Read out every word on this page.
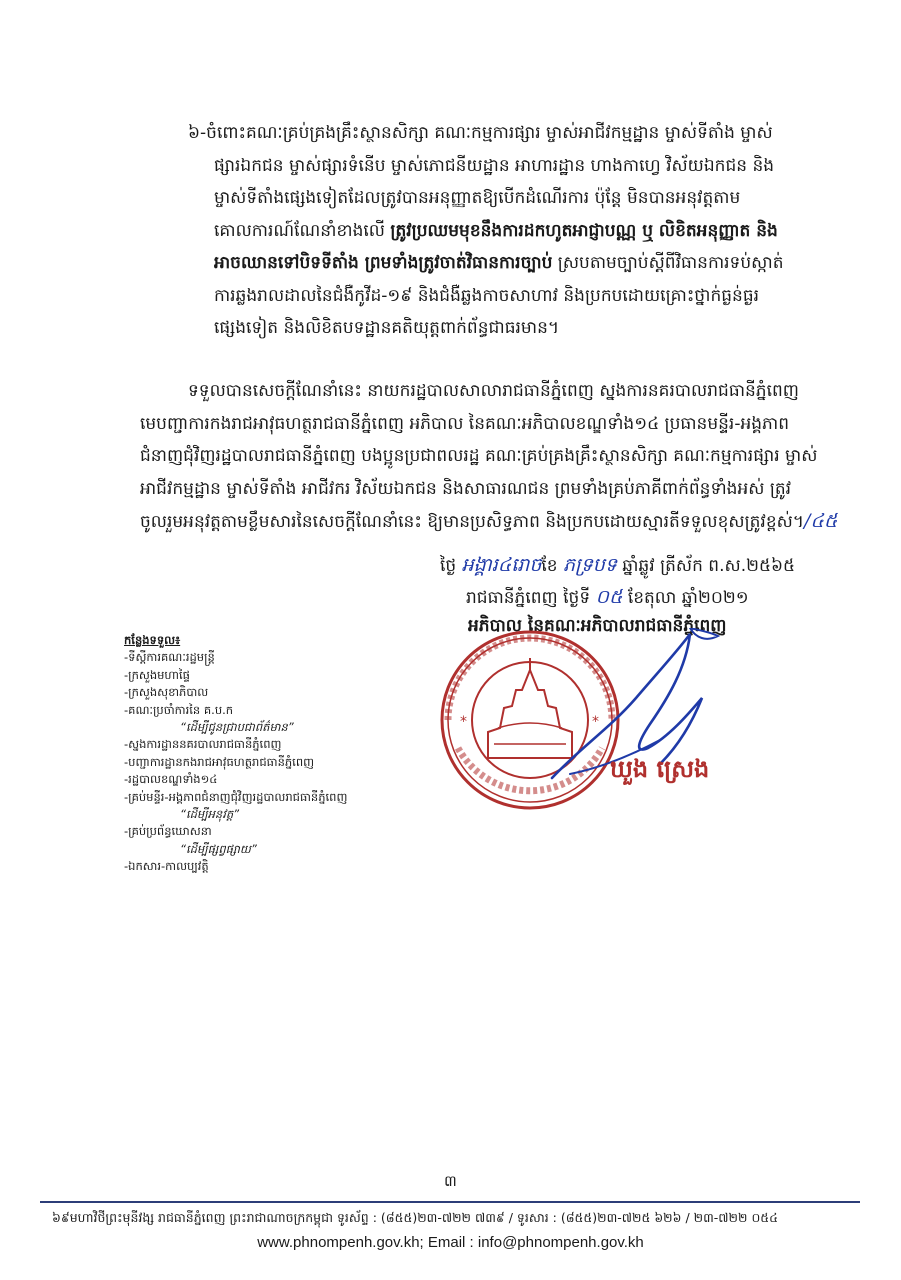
៦-ចំពោះគណៈគ្រប់គ្រងគ្រឹះស្ថានសិក្សា គណៈកម្មការផ្សារ ម្ចាស់អាជីវកម្មដ្ឋាន ម្ចាស់ទីតាំង ម្ចាស់
ផ្សារឯកជន ម្ចាស់ផ្សារទំនើប ម្ចាស់ភោជនីយដ្ឋាន អាហារដ្ឋាន ហាងកាហ្វេ វិស័យឯកជន និង
ម្ចាស់ទីតាំងផ្សេងទៀតដែលត្រូវបានអនុញ្ញាតឱ្យបើកដំណើរការ ប៉ុន្តែ មិនបានអនុវត្តតាម
គោលការណ៍ណែនាំខាងលើ ត្រូវប្រឈមមុខនឹងការដកហូតអាជ្ញាបណ្ណ ឬ លិខិតអនុញ្ញាត និង
អាចឈានទៅបិទទីតាំង ព្រមទាំងត្រូវចាត់វិធានការច្បាប់ ស្របតាមច្បាប់ស្តីពីវិធានការទប់ស្កាត់
ការឆ្លងរាលដាលនៃជំងឺកូវីដ-១៩ និងជំងឺឆ្លងកាចសាហាវ និងប្រកបដោយគ្រោះថ្នាក់ធ្ងន់ធ្ងរ
ផ្សេងទៀត និងលិខិតបទដ្ឋានគតិយុត្តពាក់ព័ន្ធជាធរមាន។
ទទួលបានសេចក្តីណែនាំនេះ នាយករដ្ឋបាលសាលារាជធានីភ្នំពេញ ស្នងការនគរបាលរាជធានីភ្នំពេញ
មេបញ្ជាការកងរាជអាវុធហត្ថរាជធានីភ្នំពេញ អភិបាល នៃគណៈអភិបាលខណ្ឌទាំង១៤ ប្រធានមន្ទីរ-អង្គភាព
ជំនាញជុំវិញរដ្ឋបាលរាជធានីភ្នំពេញ បងប្អូនប្រជាពលរដ្ឋ គណៈគ្រប់គ្រងគ្រឹះស្ថានសិក្សា គណៈកម្មការផ្សារ ម្ចាស់
អាជីវកម្មដ្ឋាន ម្ចាស់ទីតាំង អាជីវករ វិស័យឯកជន និងសាធារណជន ព្រមទាំងគ្រប់ភាគីពាក់ព័ន្ធទាំងអស់ ត្រូវ
ចូលរួមអនុវត្តតាមខ្លឹមសារនៃសេចក្តីណែនាំនេះ ឱ្យមានប្រសិទ្ធភាព និងប្រកបដោយស្មារតីទទួលខុសត្រូវខ្ពស់។/៤៥
ថ្ងៃ អង្គារ៤រោចខែ ភទ្របទ ឆ្នាំឆ្លូវ ត្រីស័ក ព.ស.២៥៦៥
រាជធានីភ្នំពេញ ថ្ងៃទី ០៥ ខែតុលា ឆ្នាំ២០២១
អភិបាល នៃគណៈអភិបាលរាជធានីភ្នំពេញ
*	*
ឃួង ស្រេង
កន្លែងទទួល៖
-ទីស្តីការគណៈរដ្ឋមន្ត្រី
-ក្រសួងមហាផ្ទៃ
-ក្រសួងសុខាភិបាល
-គណៈប្រចាំការនៃ គ.ប.ក
“ដើម្បីជូនជ្រាបជាព័ត៌មាន”
-ស្នងការដ្ឋាននគរបាលរាជធានីភ្នំពេញ
-បញ្ជាការដ្ឋានកងរាជអាវុធហត្ថរាជធានីភ្នំពេញ
-រដ្ឋបាលខណ្ឌទាំង១៤
-គ្រប់មន្ទីរ-អង្គភាពជំនាញជុំវិញរដ្ឋបាលរាជធានីភ្នំពេញ
“ដើម្បីអនុវត្ត”
-គ្រប់ប្រព័ន្ធឃោសនា
“ដើម្បីផ្សព្វផ្សាយ”
-ឯកសារ-កាលប្បវត្តិ
៣
៦៩មហាវិថីព្រះមុនីវង្ស រាជធានីភ្នំពេញ ព្រះរាជាណាចក្រកម្ពុជា ទូរស័ព្ទ : (៨៥៥)២៣-៧២២ ៧៣៩ / ទូរសារ : (៨៥៥)២៣-៧២៥ ៦២៦ / ២៣-៧២២ ០៥៤
www.phnompenh.gov.kh; Email : info@phnompenh.gov.kh
